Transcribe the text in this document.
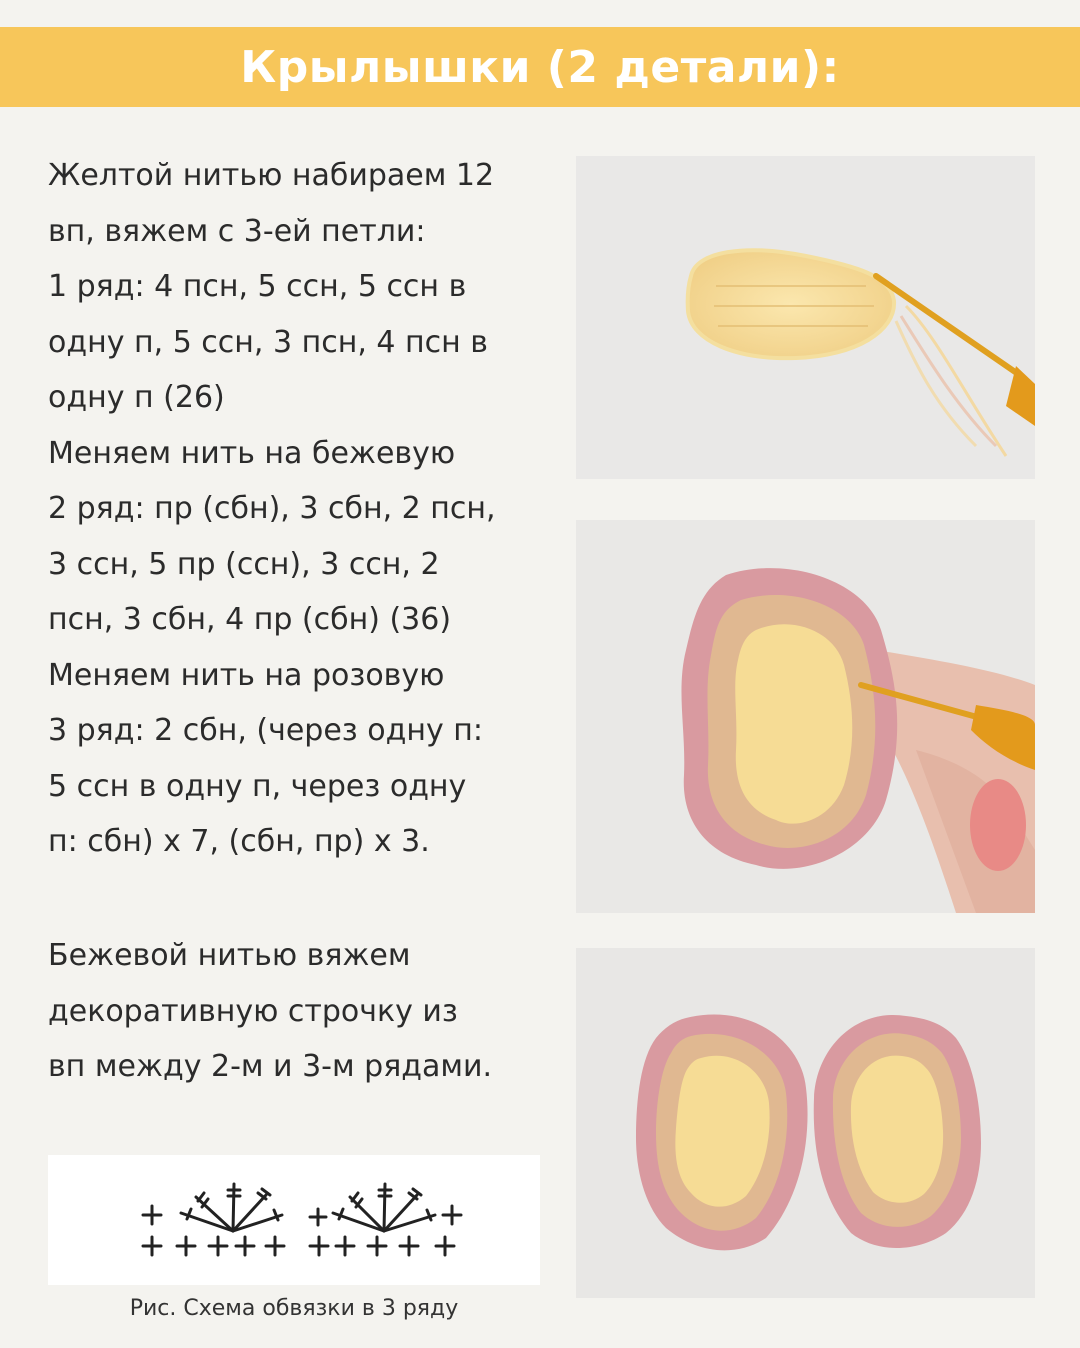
Крылышки (2 детали):
Желтой нитью набираем 12
вп, вяжем с 3-ей петли:
1 ряд: 4 псн, 5 ссн, 5 ссн в
одну п, 5 ссн, 3 псн, 4 псн в
одну п (26)
Меняем нить на бежевую
2 ряд: пр (сбн), 3 сбн, 2 псн,
3 ссн, 5 пр (ссн), 3 ссн, 2
псн, 3 сбн, 4 пр (сбн) (36)
Меняем нить на розовую
3 ряд: 2 сбн, (через одну п:
5 ссн в одну п, через одну
п: сбн) x 7, (сбн, пр) x 3.
Бежевой нитью вяжем
декоративную строчку из
вп между 2-м и 3-м рядами.
Рис. Схема обвязки в 3 ряду
